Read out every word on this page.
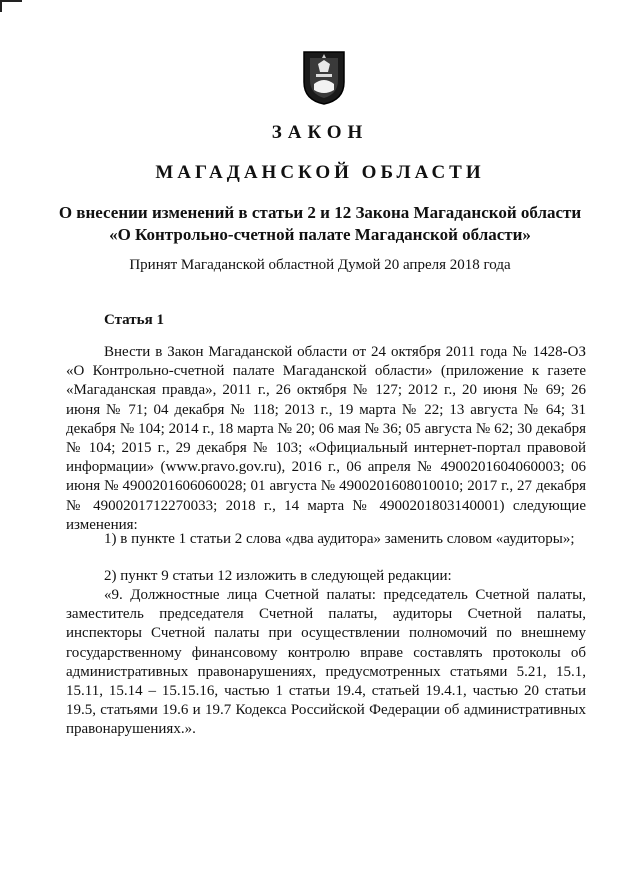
ЗАКОН
МАГАДАНСКОЙ ОБЛАСТИ
О внесении изменений в статьи 2 и 12 Закона Магаданской области
«О Контрольно-счетной палате Магаданской области»
Принят Магаданской областной Думой 20 апреля 2018 года
Статья 1

Внести в Закон Магаданской области от 24 октября 2011 года № 1428-ОЗ «О Контрольно-счетной палате Магаданской области» (приложение к газете «Магаданская правда», 2011 г., 26 октября № 127; 2012 г., 20 июня № 69; 26 июня № 71; 04 декабря № 118; 2013 г., 19 марта № 22; 13 августа № 64; 31 декабря № 104; 2014 г., 18 марта № 20; 06 мая № 36; 05 августа № 62; 30 декабря № 104; 2015 г., 29 декабря № 103; «Официальный интернет-портал правовой информации» (www.pravo.gov.ru), 2016 г., 06 апреля № 4900201604060003; 06 июня № 4900201606060028; 01 августа № 4900201608010010; 2017 г., 27 декабря № 4900201712270033; 2018 г., 14 марта № 4900201803140001) следующие изменения:

1) в пункте 1 статьи 2 слова «два аудитора» заменить словом «аудиторы»;

2) пункт 9 статьи 12 изложить в следующей редакции:

«9. Должностные лица Счетной палаты: председатель Счетной палаты, заместитель председателя Счетной палаты, аудиторы Счетной палаты, инспекторы Счетной палаты при осуществлении полномочий по внешнему государственному финансовому контролю вправе составлять протоколы об административных правонарушениях, предусмотренных статьями 5.21, 15.1, 15.11, 15.14 – 15.15.16, частью 1 статьи 19.4, статьей 19.4.1, частью 20 статьи 19.5, статьями 19.6 и 19.7 Кодекса Российской Федерации об административных правонарушениях.».
